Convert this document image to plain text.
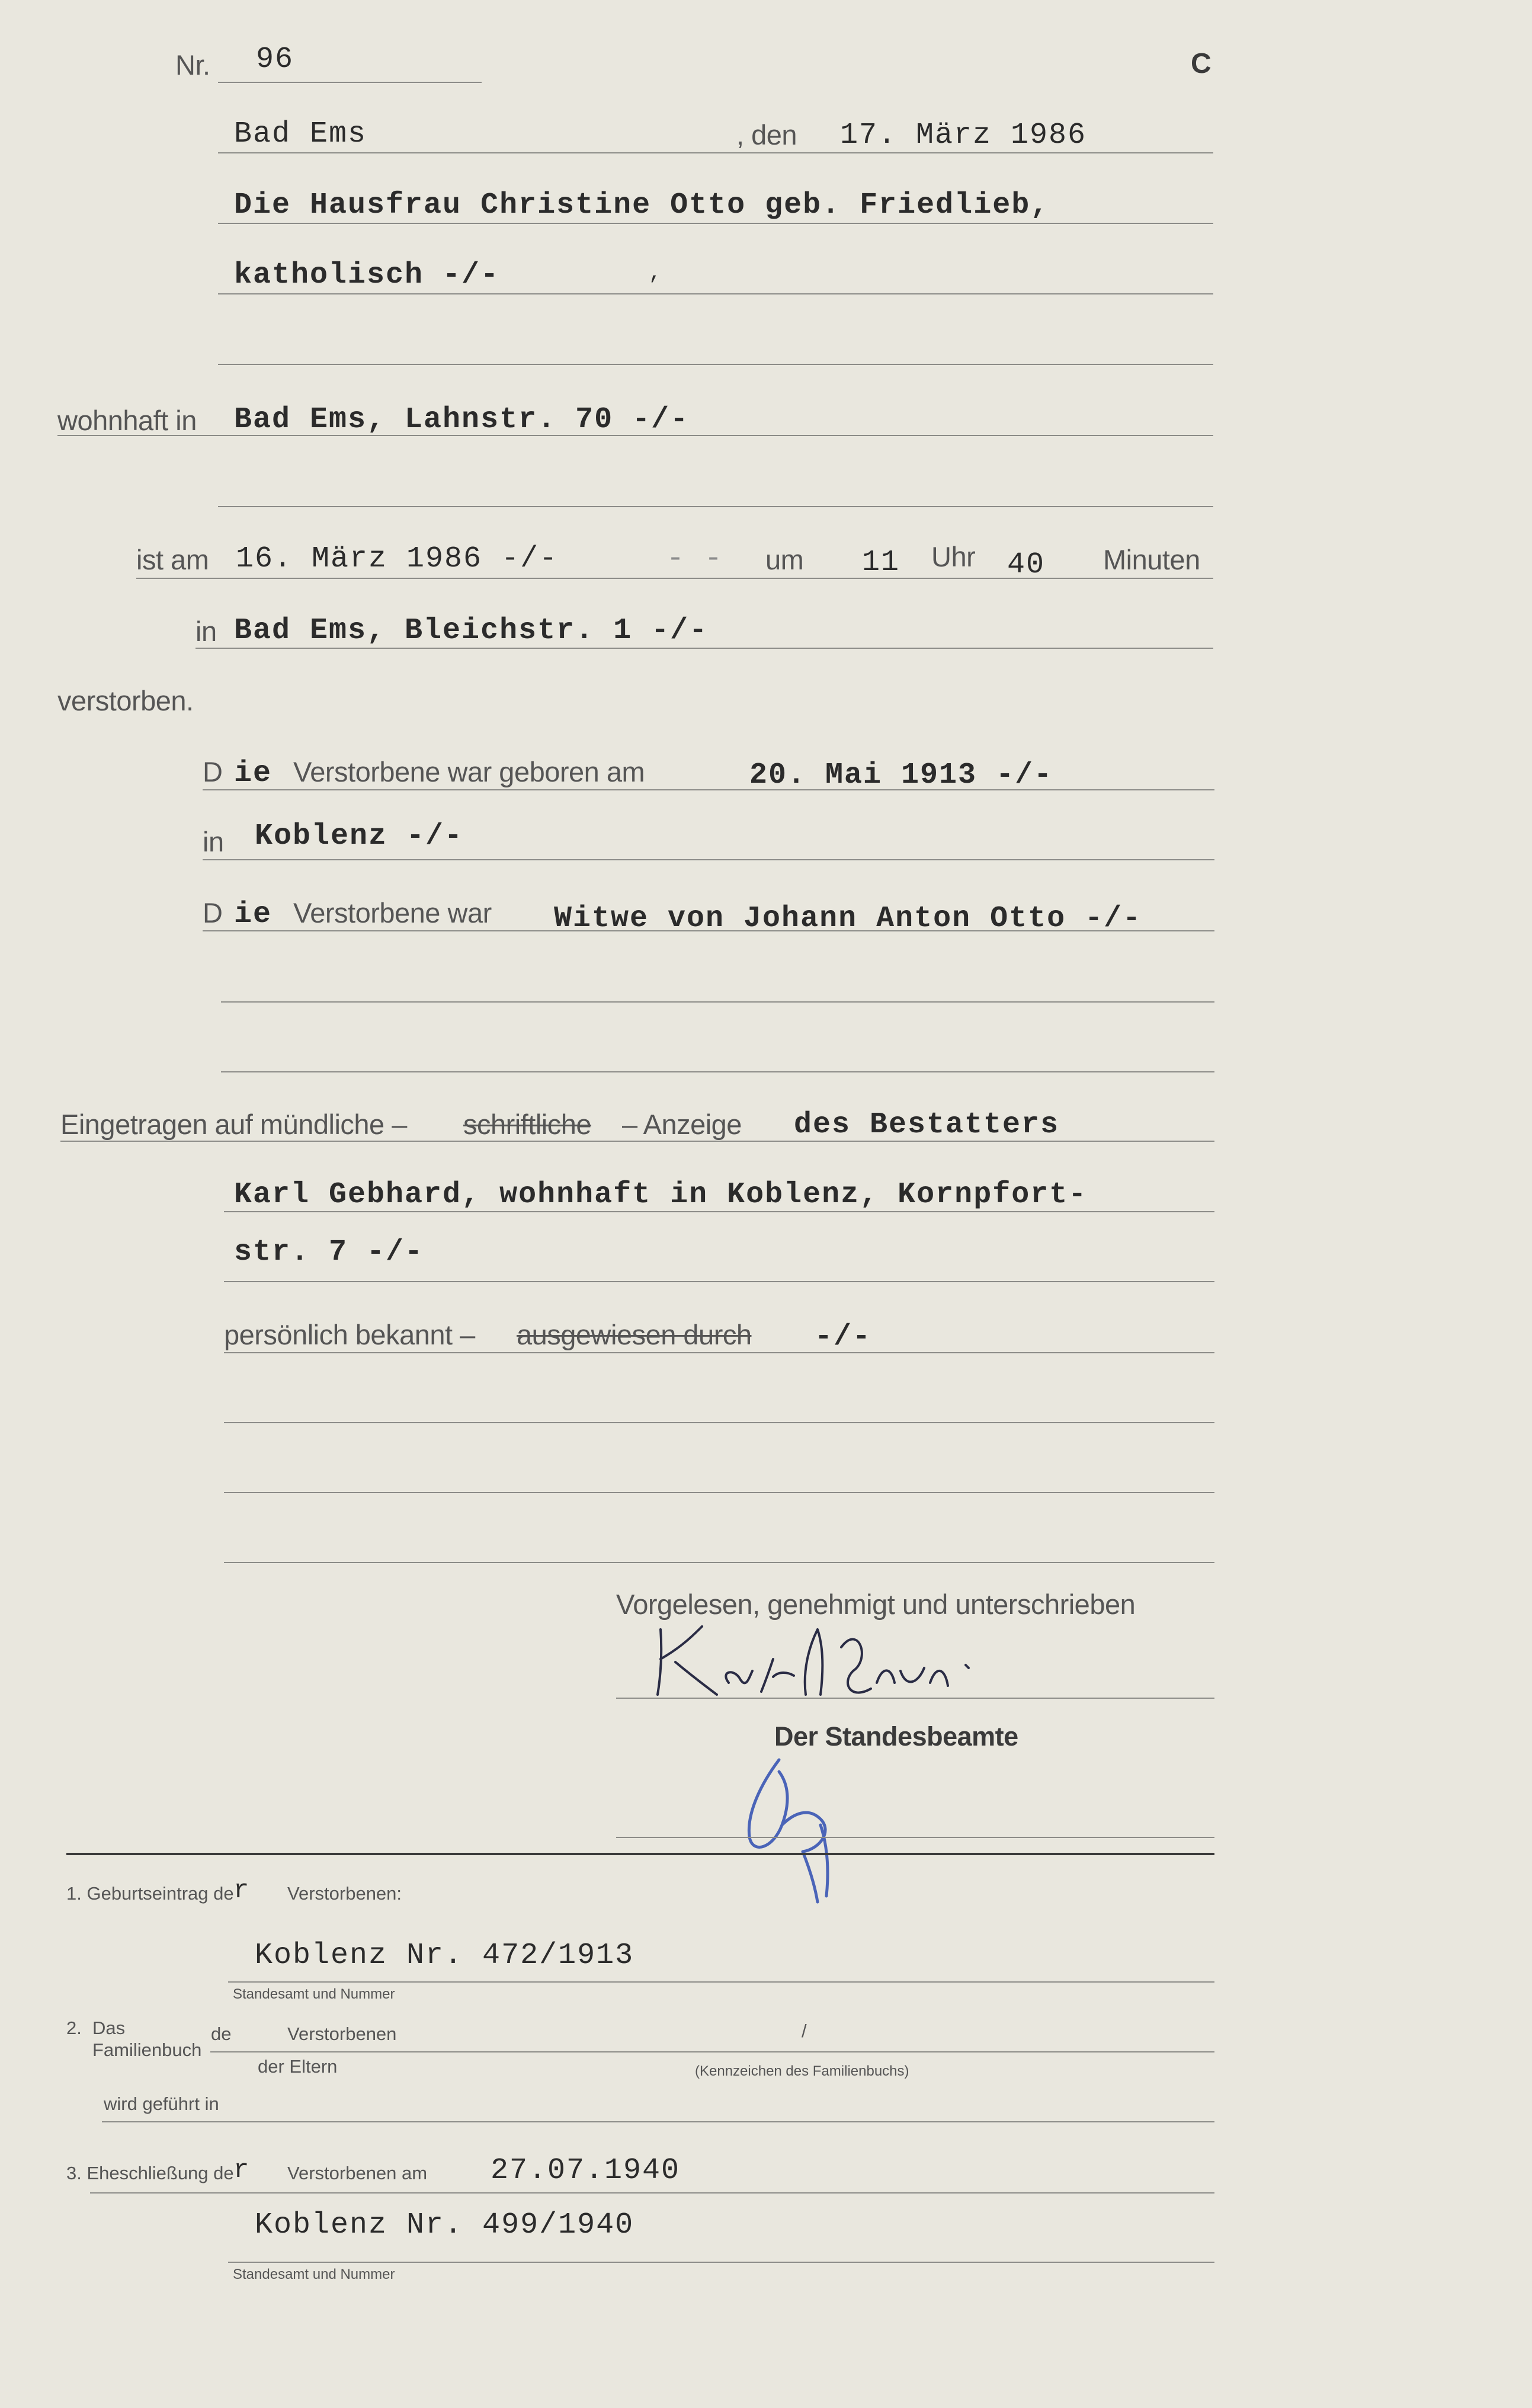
Nr. 96	C
Bad Ems	, den 17. März 1986
Die Hausfrau Christine Otto geb. Friedlieb,
katholisch -/-	,
wohnhaft in Bad Ems, Lahnstr. 70 -/-
ist am 16. März 1986 -/-	- - um 11 Uhr 40 Minuten
in Bad Ems, Bleichstr. 1 -/-
verstorben.
D ie Verstorbene war geboren am	20. Mai 1913 -/-
in Koblenz -/-
D ie Verstorbene war Witwe von Johann Anton Otto -/-
Eingetragen auf mündliche – schriftliche – Anzeige des Bestatters
Karl Gebhard, wohnhaft in Koblenz, Kornpfort-
str. 7 -/-
persönlich bekannt – ausgewiesen durch -/-
Vorgelesen, genehmigt und unterschrieben
Der Standesbeamte
1. Geburtseintrag de r Verstorbenen:
Koblenz Nr. 472/1913
Standesamt und Nummer
2. Das
Familienbuch
de	Verstorbenen	/
der Eltern	(Kennzeichen des Familienbuchs)
wird geführt in
3. Eheschließung de r Verstorbenen am 27.07.1940
Koblenz Nr. 499/1940
Standesamt und Nummer
